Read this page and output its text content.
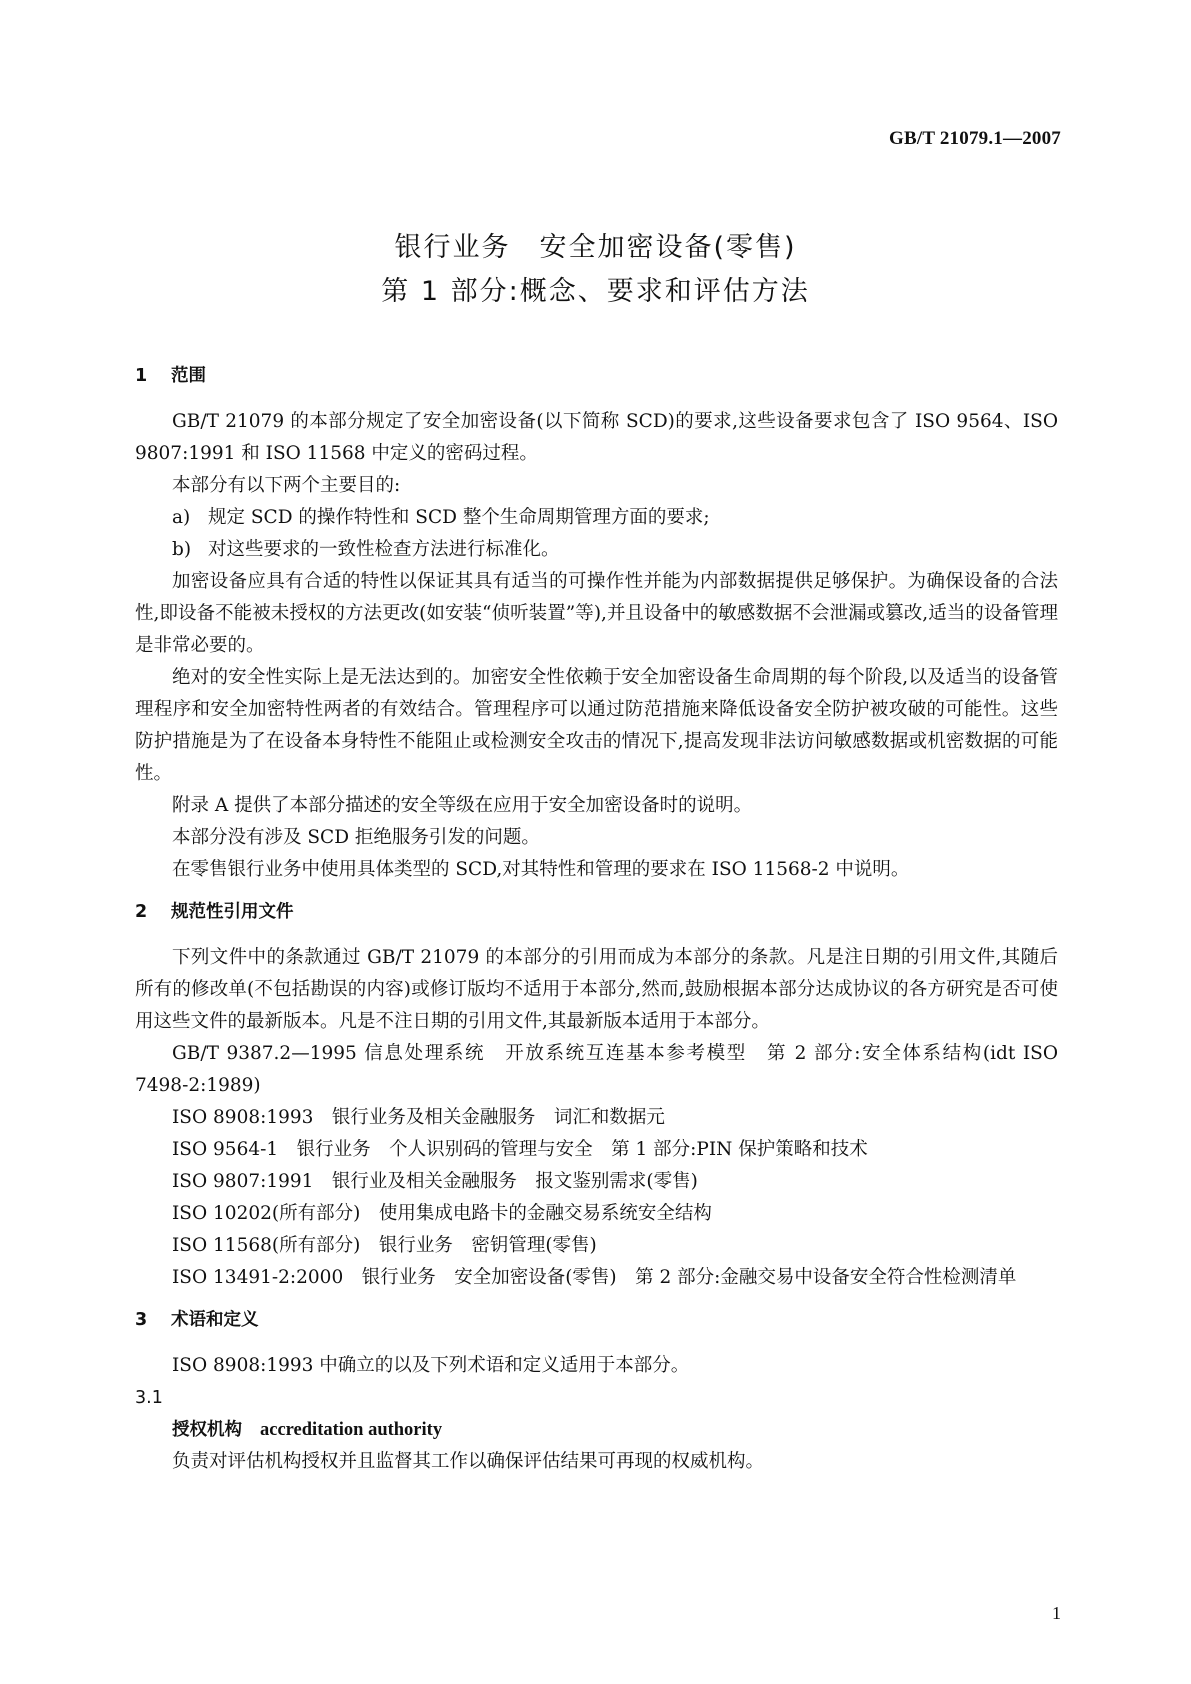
GB/T 21079.1—2007
银行业务　安全加密设备(零售)
第 1 部分:概念、要求和评估方法
1 范围

GB/T 21079 的本部分规定了安全加密设备(以下简称 SCD)的要求,这些设备要求包含了 ISO 9564、ISO 9807:1991 和 ISO 11568 中定义的密码过程。

本部分有以下两个主要目的:

a) 规定 SCD 的操作特性和 SCD 整个生命周期管理方面的要求;

b) 对这些要求的一致性检查方法进行标准化。

加密设备应具有合适的特性以保证其具有适当的可操作性并能为内部数据提供足够保护。为确保设备的合法性,即设备不能被未授权的方法更改(如安装“侦听装置”等),并且设备中的敏感数据不会泄漏或篡改,适当的设备管理是非常必要的。

绝对的安全性实际上是无法达到的。加密安全性依赖于安全加密设备生命周期的每个阶段,以及适当的设备管理程序和安全加密特性两者的有效结合。管理程序可以通过防范措施来降低设备安全防护被攻破的可能性。这些防护措施是为了在设备本身特性不能阻止或检测安全攻击的情况下,提高发现非法访问敏感数据或机密数据的可能性。

附录 A 提供了本部分描述的安全等级在应用于安全加密设备时的说明。

本部分没有涉及 SCD 拒绝服务引发的问题。

在零售银行业务中使用具体类型的 SCD,对其特性和管理的要求在 ISO 11568-2 中说明。

2 规范性引用文件

下列文件中的条款通过 GB/T 21079 的本部分的引用而成为本部分的条款。凡是注日期的引用文件,其随后所有的修改单(不包括勘误的内容)或修订版均不适用于本部分,然而,鼓励根据本部分达成协议的各方研究是否可使用这些文件的最新版本。凡是不注日期的引用文件,其最新版本适用于本部分。

GB/T 9387.2—1995 信息处理系统　开放系统互连基本参考模型　第 2 部分:安全体系结构(idt ISO 7498-2:1989)

ISO 8908:1993　银行业务及相关金融服务　词汇和数据元

ISO 9564-1　银行业务　个人识别码的管理与安全　第 1 部分:PIN 保护策略和技术

ISO 9807:1991　银行业及相关金融服务　报文鉴别需求(零售)

ISO 10202(所有部分)　使用集成电路卡的金融交易系统安全结构

ISO 11568(所有部分)　银行业务　密钥管理(零售)

ISO 13491-2:2000　银行业务　安全加密设备(零售)　第 2 部分:金融交易中设备安全符合性检测清单

3 术语和定义

ISO 8908:1993 中确立的以及下列术语和定义适用于本部分。

3.1

授权机构 accreditation authority

负责对评估机构授权并且监督其工作以确保评估结果可再现的权威机构。

1
